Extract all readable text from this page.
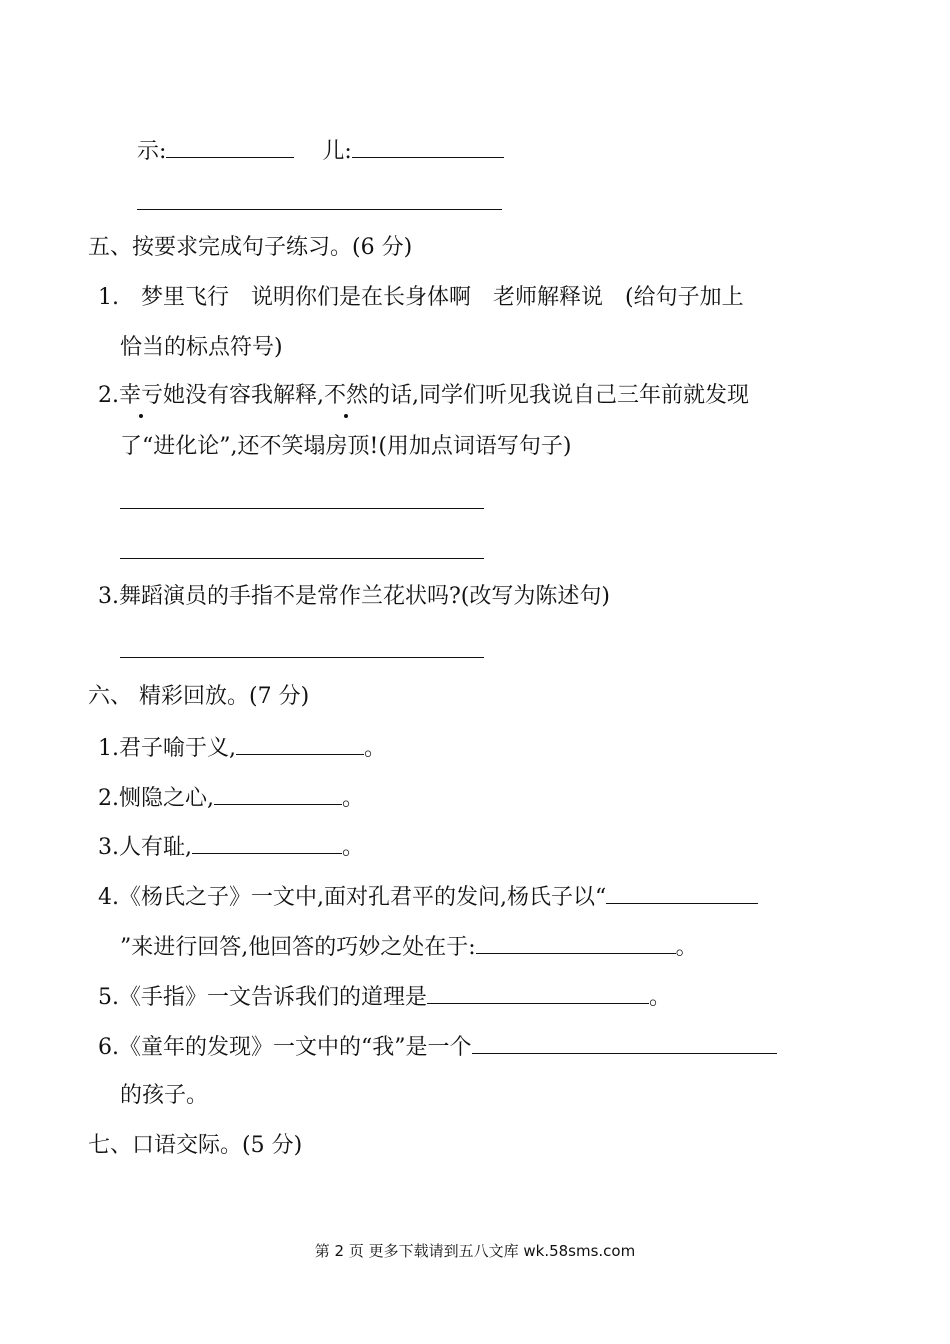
示:	儿:
五、按要求完成句子练习。(6 分)
1. 梦里飞行 说明你们是在长身体啊 老师解释说 (给句子加上
恰当的标点符号)
2.幸亏她没有容我解释,不然的话,同学们听见我说自己三年前就发现
了“进化论”,还不笑塌房顶!(用加点词语写句子)
3.舞蹈演员的手指不是常作兰花状吗?(改写为陈述句)
六、 精彩回放。(7 分)
1.君子喻于义,	。
2.恻隐之心,	。
3.人有耻,	。
4.《杨氏之子》一文中,面对孔君平的发问,杨氏子以“
”来进行回答,他回答的巧妙之处在于:	。
5.《手指》一文告诉我们的道理是	。
6.《童年的发现》一文中的“我”是一个
的孩子。
七、口语交际。(5 分)
第 2 页 更多下载请到五八文库 wk.58sms.com
